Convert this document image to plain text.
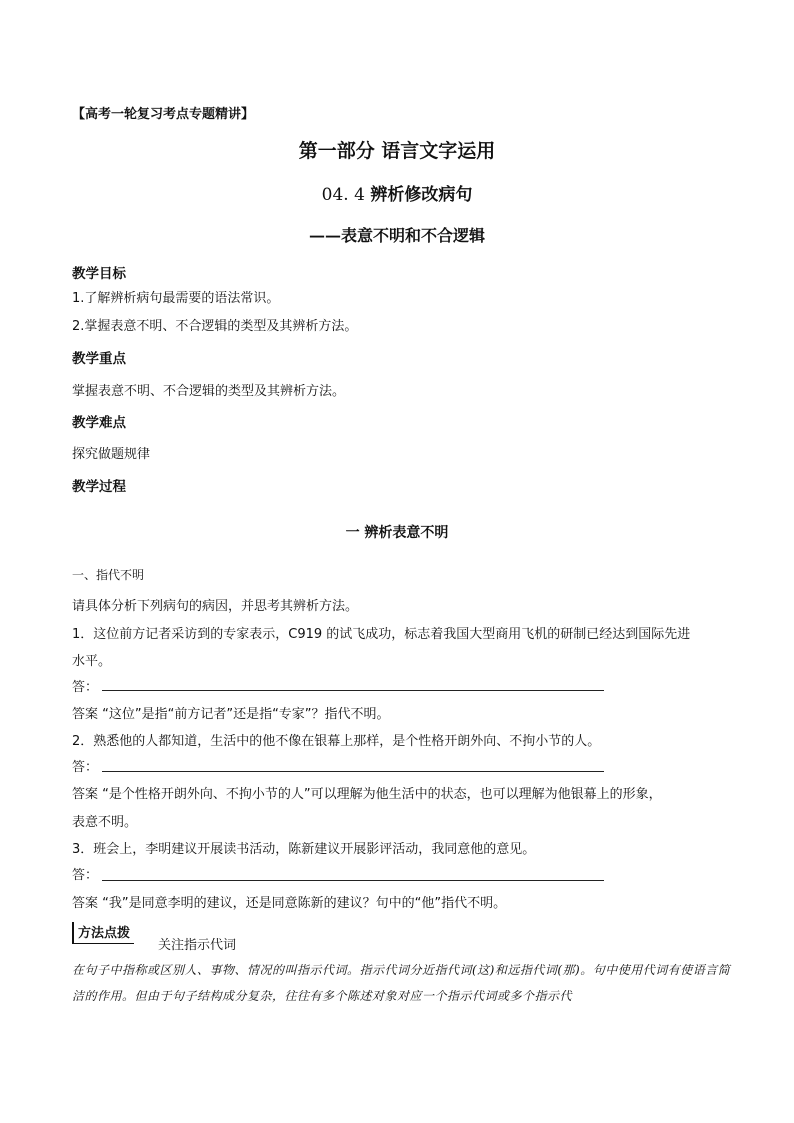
【高考一轮复习考点专题精讲】
第一部分 语言文字运用
04. 4 辨析修改病句
——表意不明和不合逻辑
教学目标
1.了解辨析病句最需要的语法常识。
2.掌握表意不明、不合逻辑的类型及其辨析方法。
教学重点
掌握表意不明、不合逻辑的类型及其辨析方法。
教学难点
探究做题规律
教学过程
一 辨析表意不明
一、指代不明
请具体分析下列病句的病因，并思考其辨析方法。
1．这位前方记者采访到的专家表示，C919 的试飞成功，标志着我国大型商用飞机的研制已经达到国际先进
水平。
答：
答案 “这位”是指“前方记者”还是指“专家”？指代不明。
2．熟悉他的人都知道，生活中的他不像在银幕上那样，是个性格开朗外向、不拘小节的人。
答：
答案 “是个性格开朗外向、不拘小节的人”可以理解为他生活中的状态，也可以理解为他银幕上的形象，
表意不明。
3．班会上，李明建议开展读书活动，陈新建议开展影评活动，我同意他的意见。
答：
答案 “我”是同意李明的建议，还是同意陈新的建议？句中的“他”指代不明。
方法点拨
关注指示代词
在句子中指称或区别人、事物、情况的叫指示代词。指示代词分近指代词(这)和远指代词(那)。句中使用代词有使语言简洁的作用。但由于句子结构成分复杂，往往有多个陈述对象对应一个指示代词或多个指示代
